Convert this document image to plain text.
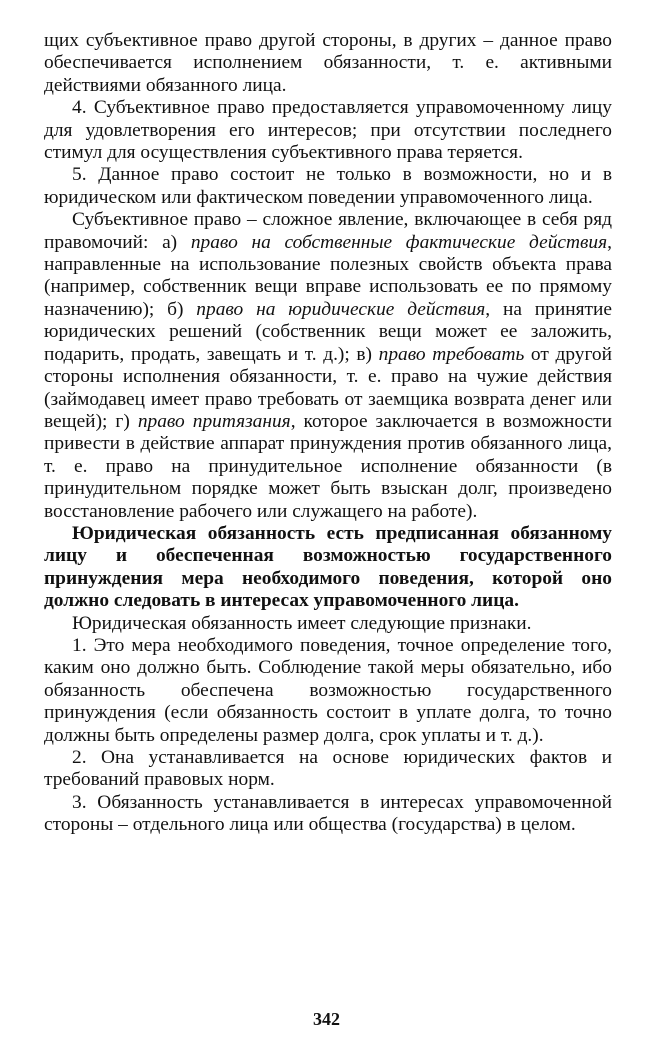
щих субъективное право другой стороны, в других – данное право обеспечивается исполнением обязанности, т. е. активными действиями обязанного лица.

4. Субъективное право предоставляется управомоченному лицу для удовлетворения его интересов; при отсутствии последнего стимул для осуществления субъективного права теряется.

5. Данное право состоит не только в возможности, но и в юридическом или фактическом поведении управомоченного лица.

Субъективное право – сложное явление, включающее в себя ряд правомочий: а) право на собственные фактические действия, направленные на использование полезных свойств объекта права (например, собственник вещи вправе использовать ее по прямому назначению); б) право на юридические действия, на принятие юридических решений (собственник вещи может ее заложить, подарить, продать, завещать и т. д.); в) право требовать от другой стороны исполнения обязанности, т. е. право на чужие действия (займодавец имеет право требовать от заемщика возврата денег или вещей); г) право притязания, которое заключается в возможности привести в действие аппарат принуждения против обязанного лица, т. е. право на принудительное исполнение обязанности (в принудительном порядке может быть взыскан долг, произведено восстановление рабочего или служащего на работе).

Юридическая обязанность есть предписанная обязанному лицу и обеспеченная возможностью государственного принуждения мера необходимого поведения, которой оно должно следовать в интересах управомоченного лица.

Юридическая обязанность имеет следующие признаки.

1. Это мера необходимого поведения, точное определение того, каким оно должно быть. Соблюдение такой меры обязательно, ибо обязанность обеспечена возможностью государственного принуждения (если обязанность состоит в уплате долга, то точно должны быть определены размер долга, срок уплаты и т. д.).

2. Она устанавливается на основе юридических фактов и требований правовых норм.

3. Обязанность устанавливается в интересах управомоченной стороны – отдельного лица или общества (государства) в целом.

342
